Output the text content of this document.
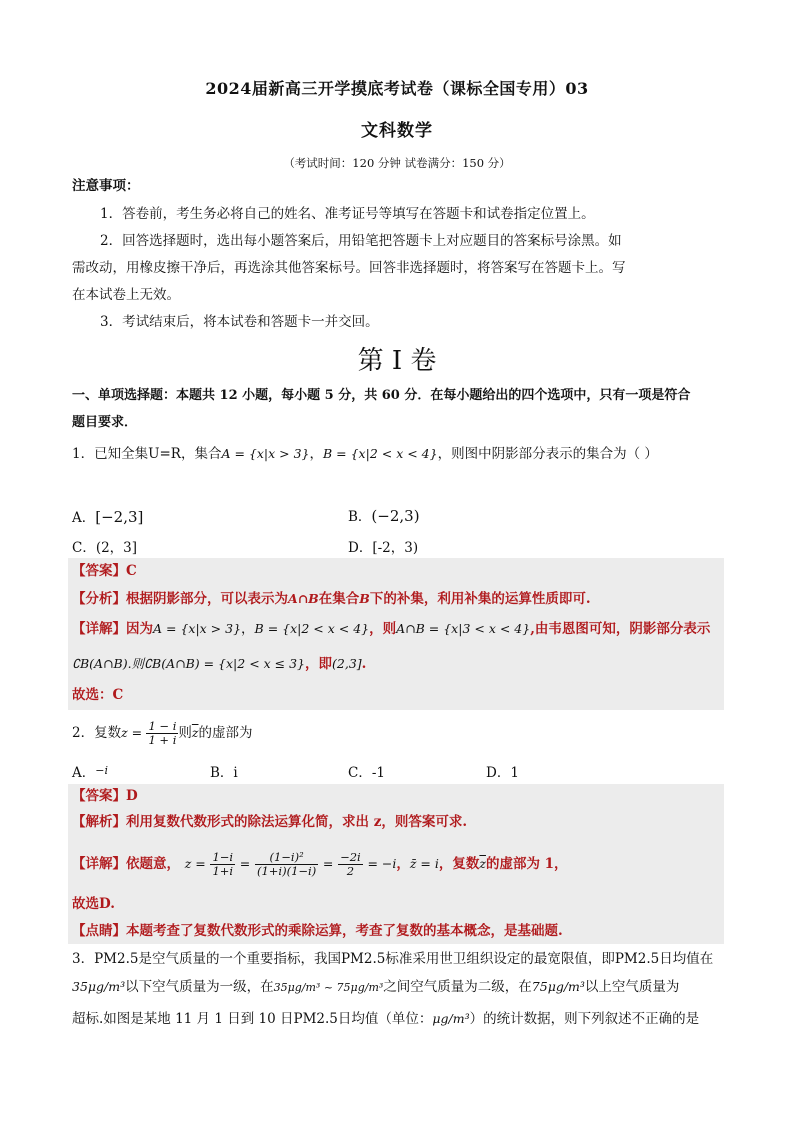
2024届新高三开学摸底考试卷（课标全国专用）03
文科数学
（考试时间：120 分钟 试卷满分：150 分）
注意事项：
1．答卷前，考生务必将自己的姓名、准考证号等填写在答题卡和试卷指定位置上。
2．回答选择题时，选出每小题答案后，用铅笔把答题卡上对应题目的答案标号涂黑。如
需改动，用橡皮擦干净后，再选涂其他答案标号。回答非选择题时，将答案写在答题卡上。写
在本试卷上无效。
3．考试结束后，将本试卷和答题卡一并交回。
第 I 卷
一、单项选择题：本题共 12 小题，每小题 5 分，共 60 分．在每小题给出的四个选项中，只有一项是符合
题目要求．
1．已知全集U=R，集合A = {x|x > 3}，B = {x|2 < x < 4}，则图中阴影部分表示的集合为（ ）
A．[−2,3]	B．(−2,3)
C．(2，3]	D．[-2，3)
【答案】C
【分析】根据阴影部分，可以表示为A∩B在集合B下的补集，利用补集的运算性质即可.
【详解】因为A = {x|x > 3}，B = {x|2 < x < 4}，则A∩B = {x|3 < x < 4},由韦恩图可知，阴影部分表示
∁B(A∩B).则∁B(A∩B) = {x|2 < x ≤ 3}，即(2,3].
故选：C
2．复数$z = \frac{1 - i}{1 + i}$ 则$\overline{z}$的虚部为
A．$^{-i}$	B．i	C．-1	D．1
【答案】D
【解析】利用复数代数形式的除法运算化简，求出 z，则答案可求.
【详解】依题意， $z = \frac{1-i}{1+i} = \frac{\text{(1−i)²}}{(1+i)(1-i)} = \frac{-2i}{2} = -i$，z̄ = i，复数$\overline{z}$的虚部为 1，
故选D.
【点睛】本题考查了复数代数形式的乘除运算，考查了复数的基本概念，是基础题.
3．PM2.5是空气质量的一个重要指标，我国PM2.5标准采用世卫组织设定的最宽限值，即PM2.5日均值在
35μg/m³以下空气质量为一级，在35μg/m³ ~ 75μg/m³之间空气质量为二级，在75μg/m³以上空气质量为
超标.如图是某地 11 月 1 日到 10 日PM2.5日均值（单位：μg/m³）的统计数据，则下列叙述不正确的是
